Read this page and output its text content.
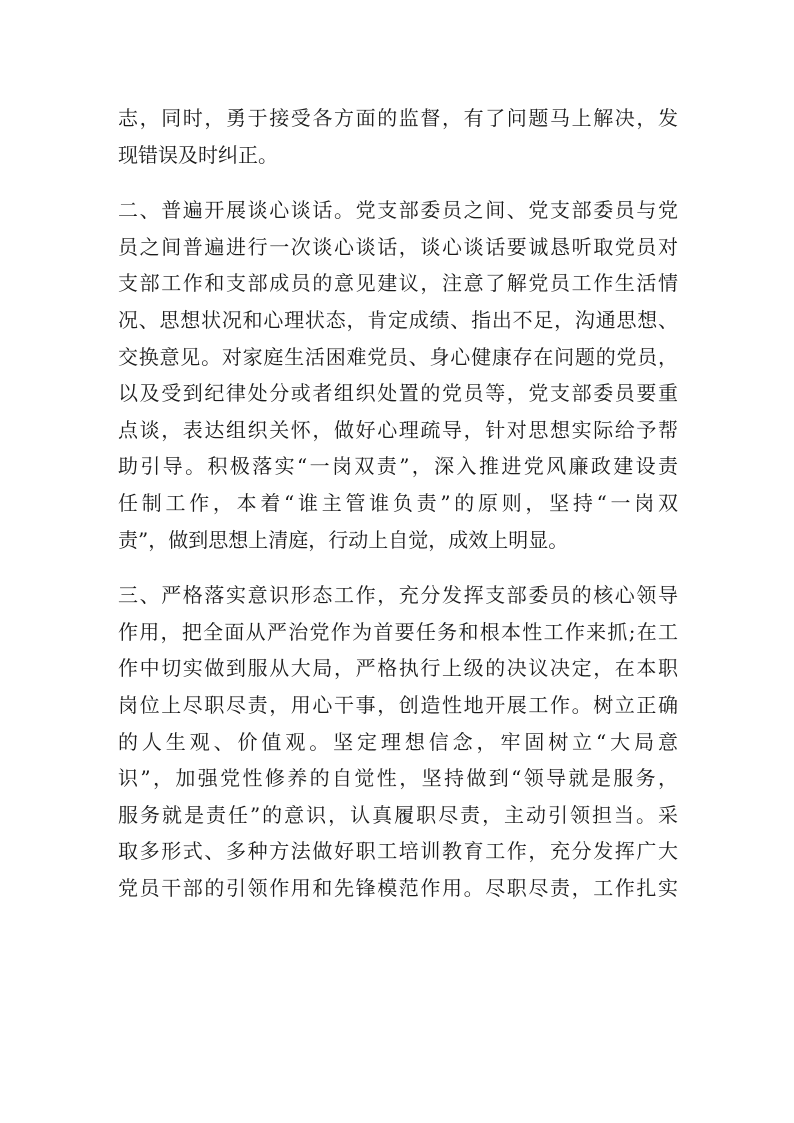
志，同时，勇于接受各方面的监督，有了问题马上解决，发
现错误及时纠正。
二、普遍开展谈心谈话。党支部委员之间、党支部委员与党
员之间普遍进行一次谈心谈话，谈心谈话要诚恳听取党员对
支部工作和支部成员的意见建议，注意了解党员工作生活情
况、思想状况和心理状态，肯定成绩、指出不足，沟通思想、
交换意见。对家庭生活困难党员、身心健康存在问题的党员，
以及受到纪律处分或者组织处置的党员等，党支部委员要重
点谈，表达组织关怀，做好心理疏导，针对思想实际给予帮
助引导。积极落实“一岗双责”，深入推进党风廉政建设责
任制工作，本着“谁主管谁负责”的原则，坚持“一岗双
责”，做到思想上清庭，行动上自觉，成效上明显。
三、严格落实意识形态工作，充分发挥支部委员的核心领导
作用，把全面从严治党作为首要任务和根本性工作来抓;在工
作中切实做到服从大局，严格执行上级的决议决定，在本职
岗位上尽职尽责，用心干事，创造性地开展工作。树立正确
的人生观、价值观。坚定理想信念，牢固树立“大局意
识”，加强党性修养的自觉性，坚持做到“领导就是服务，
服务就是责任”的意识，认真履职尽责，主动引领担当。采
取多形式、多种方法做好职工培训教育工作，充分发挥广大
党员干部的引领作用和先锋模范作用。尽职尽责，工作扎实
